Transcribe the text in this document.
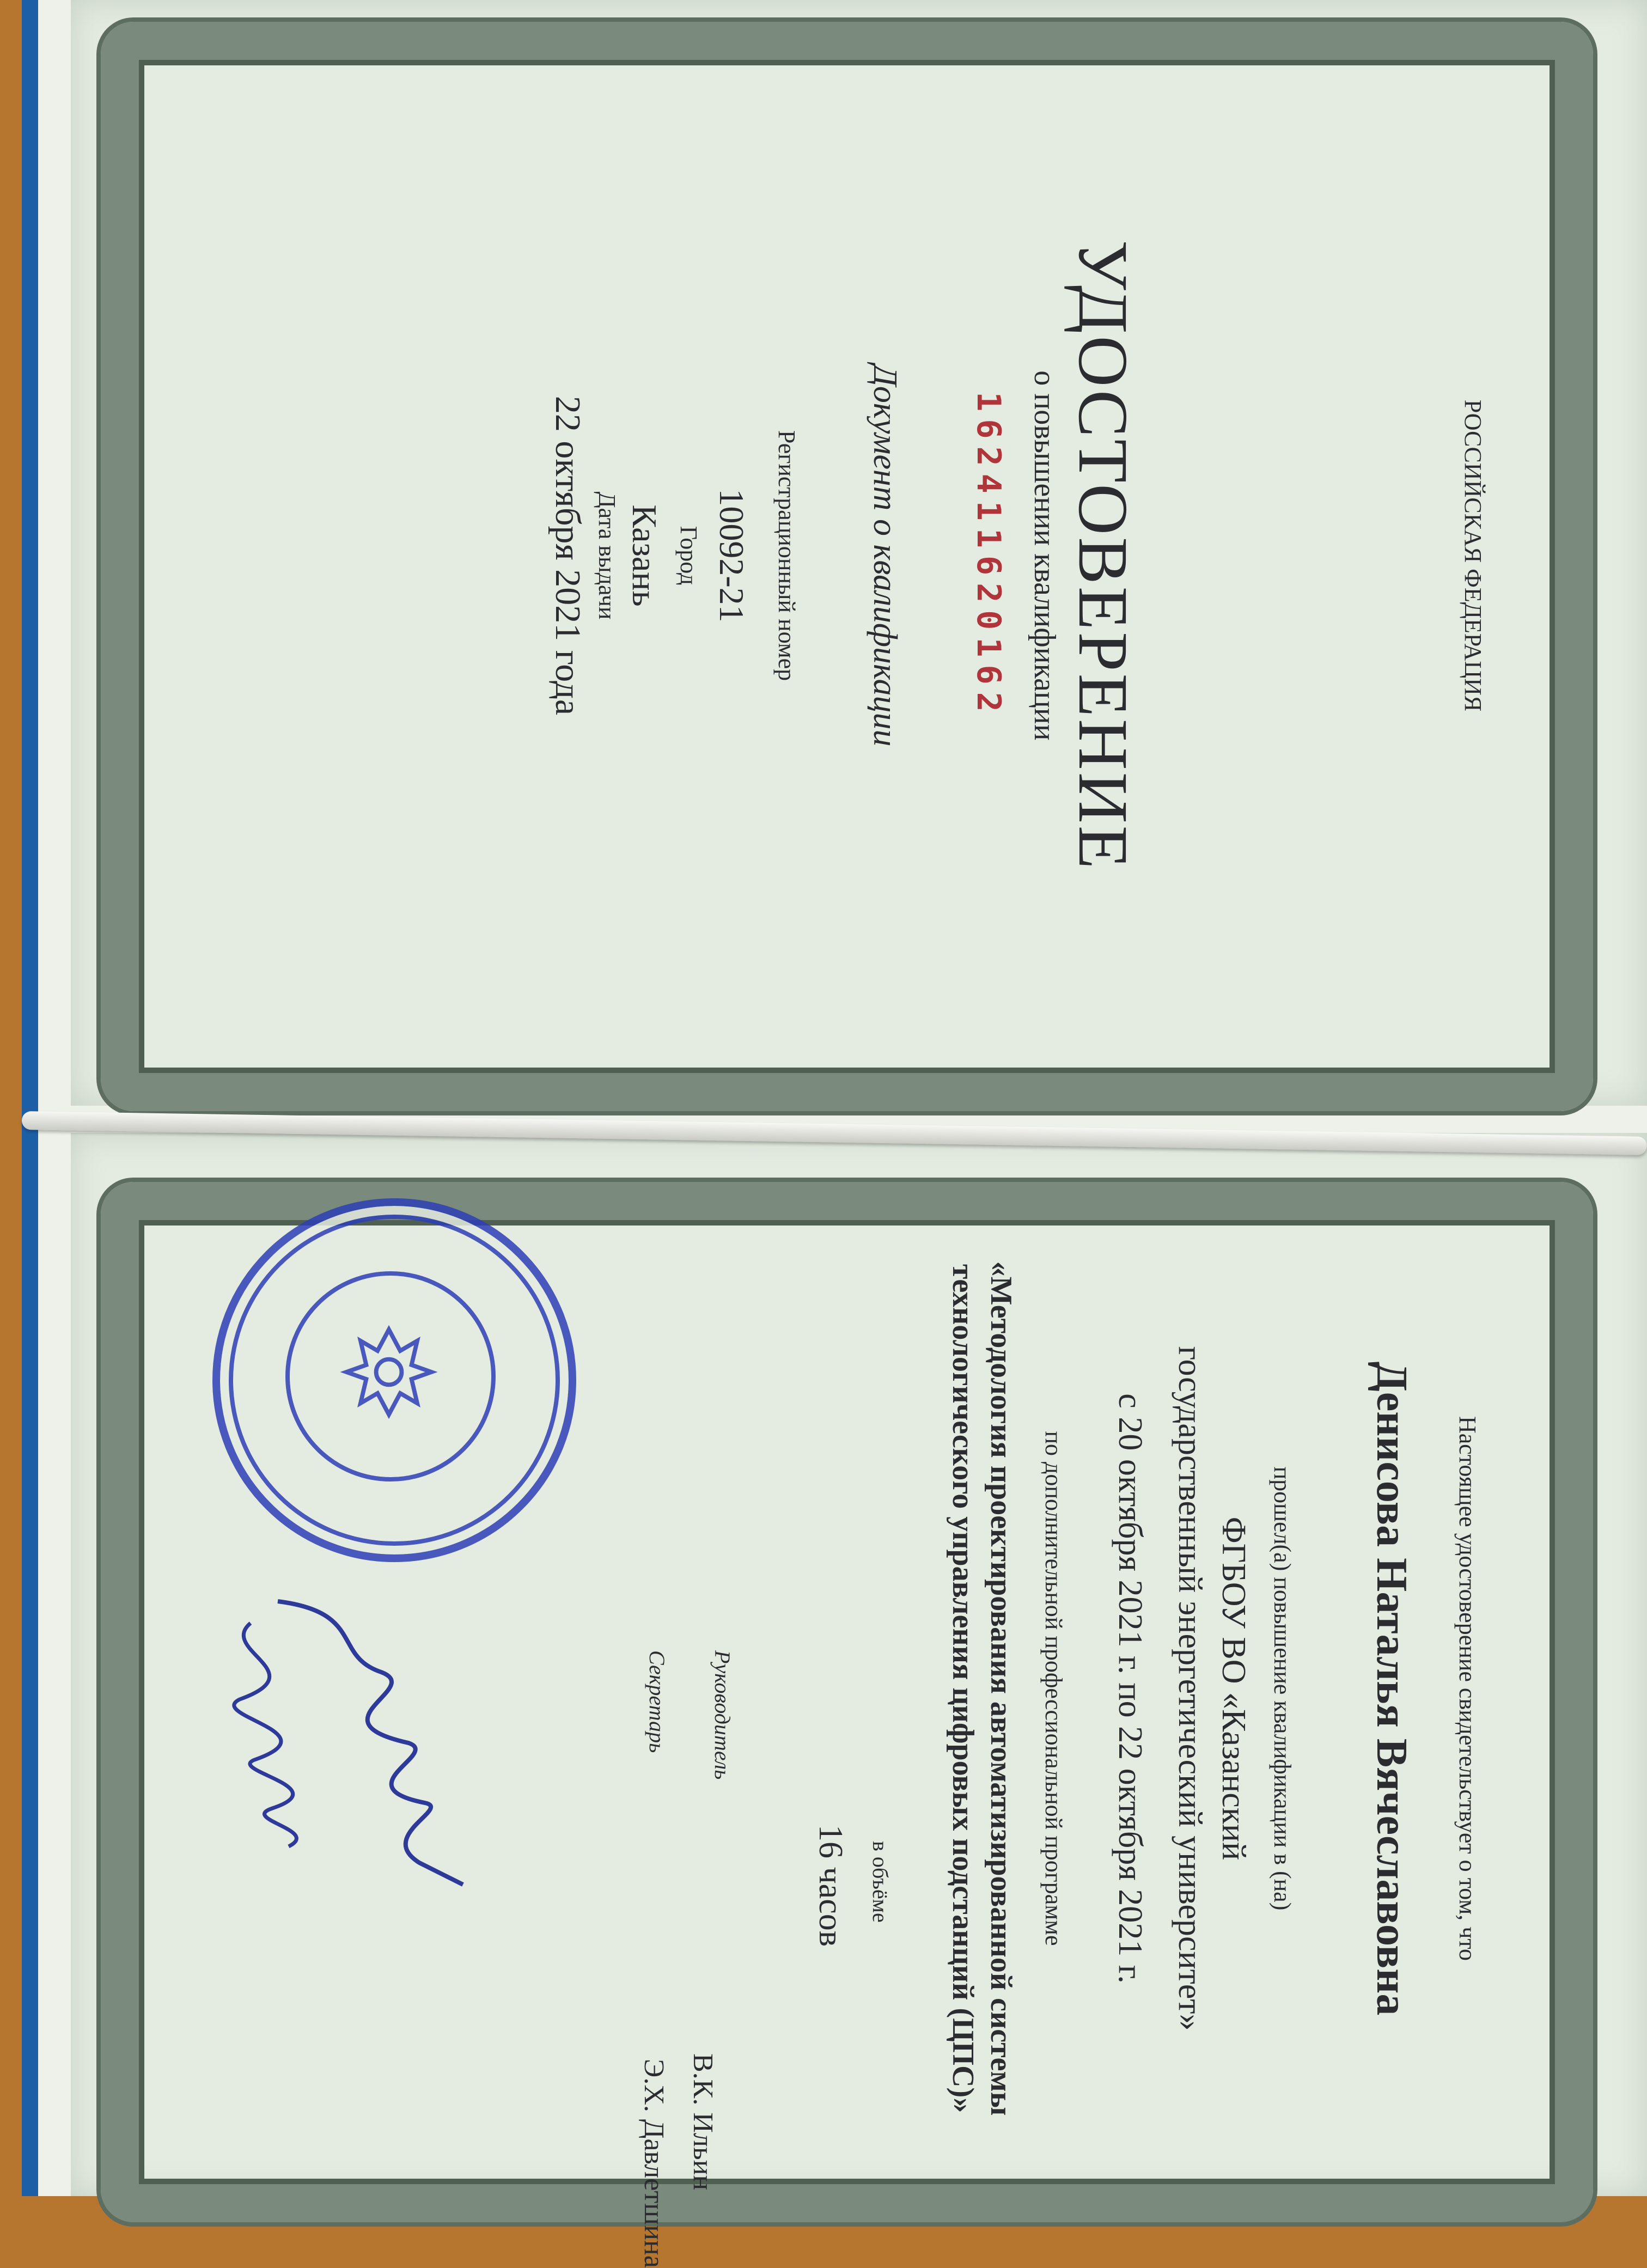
РОССИЙСКАЯ ФЕДЕРАЦИЯ
УДОСТОВЕРЕНИЕ
о повышении квалификации
162411620162
Документ о квалификации
Регистрационный номер
10092-21
Город
Казань
Дата выдачи
22 октября 2021 года
Настоящее удостоверение свидетельствует о том, что
Денисова Наталья Вячеславовна
прошел(а) повышение квалификации в (на)
ФГБОУ ВО «Казанский
государственный энергетический университет»
с 20 октября 2021 г. по 22 октября 2021 г.
по дополнительной профессиональной программе
«Методология проектирования автоматизированной системы
технологического управления цифровых подстанций (ЦПС)»
в объёме
16 часов
Руководитель
В.К. Ильин
Секретарь
Э.Х. Давлетшина
